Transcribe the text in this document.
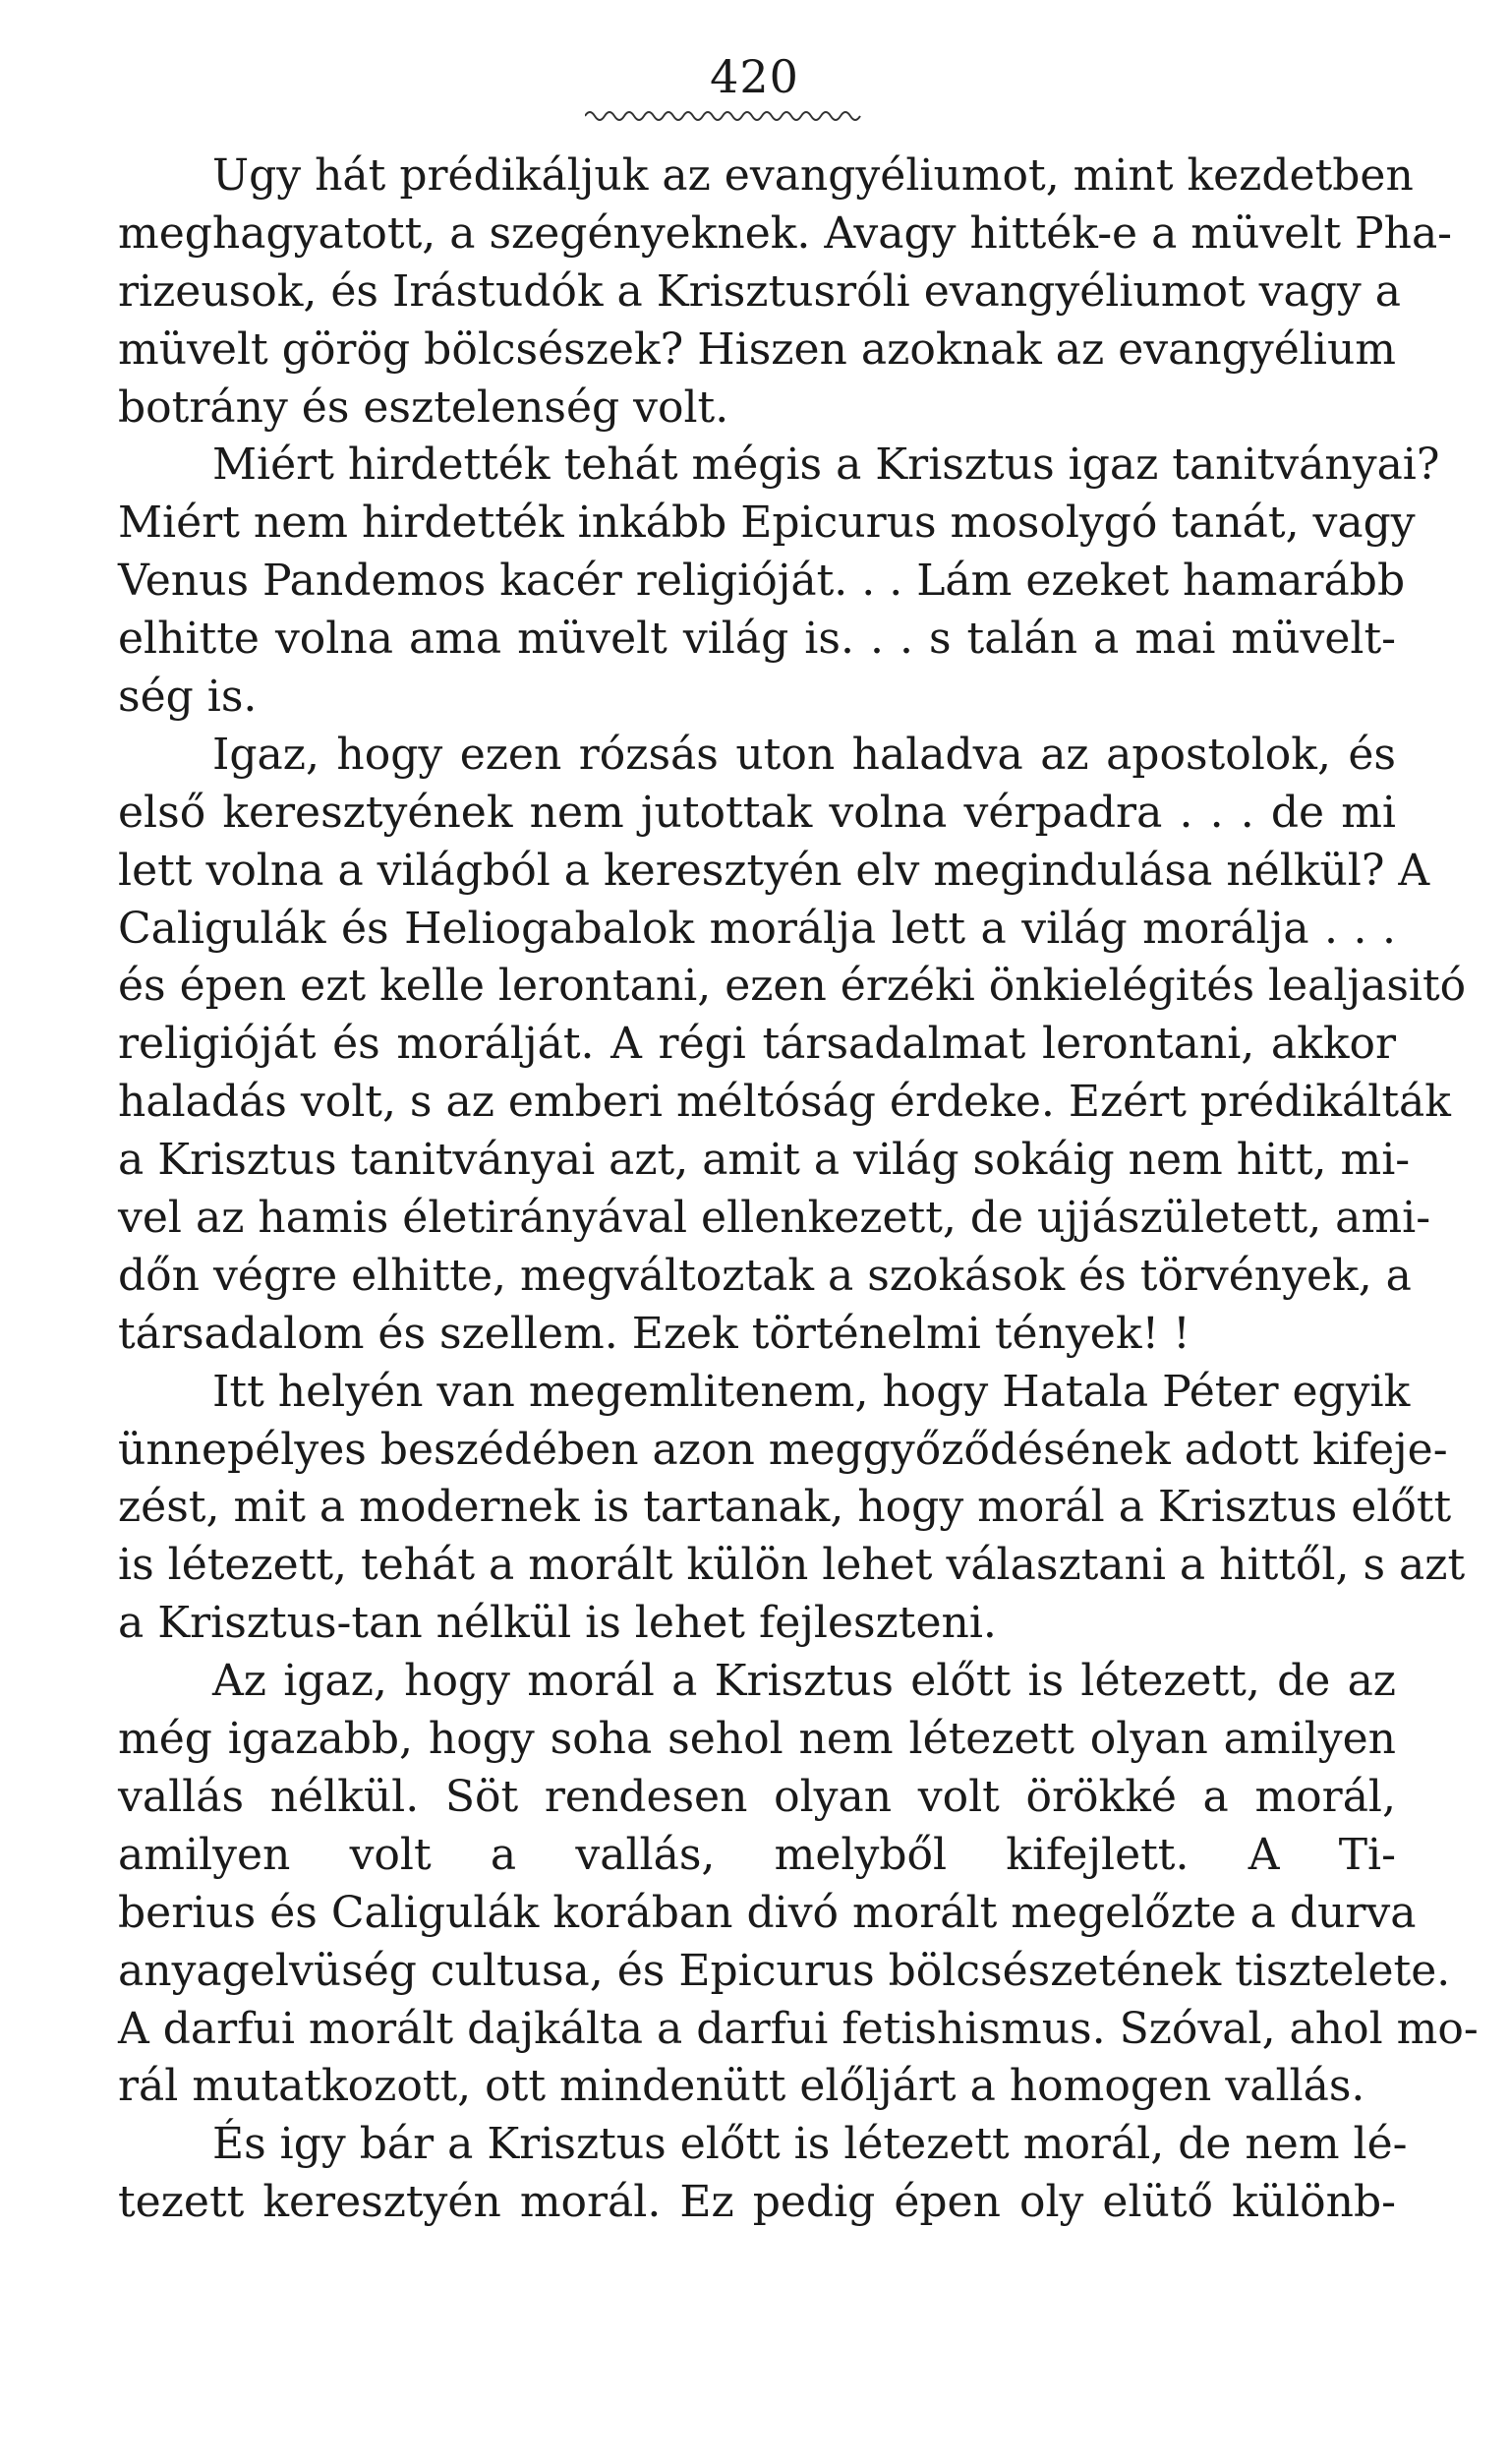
420
Ugy hát prédikáljuk az evangyéliumot, mint kezdetben
meghagyatott, a szegényeknek. Avagy hitték-e a müvelt Pha-
rizeusok, és Irástudók a Krisztusróli evangyéliumot vagy a
müvelt görög bölcsészek? Hiszen azoknak az evangyélium
botrány és esztelenség volt.
Miért hirdették tehát mégis a Krisztus igaz tanitványai?
Miért nem hirdették inkább Epicurus mosolygó tanát, vagy
Venus Pandemos kacér religióját. . . Lám ezeket hamarább
elhitte volna ama müvelt világ is. . . s talán a mai müvelt-
ség is.
Igaz, hogy ezen rózsás uton haladva az apostolok, és
első keresztyének nem jutottak volna vérpadra . . . de mi
lett volna a világból a keresztyén elv megindulása nélkül? A
Caligulák és Heliogabalok morálja lett a világ morálja . . .
és épen ezt kelle lerontani, ezen érzéki önkielégités lealjasitó
religióját és morálját. A régi társadalmat lerontani, akkor
haladás volt, s az emberi méltóság érdeke. Ezért prédikálták
a Krisztus tanitványai azt, amit a világ sokáig nem hitt, mi-
vel az hamis életirányával ellenkezett, de ujjászületett, ami-
dőn végre elhitte, megváltoztak a szokások és törvények, a
társadalom és szellem. Ezek történelmi tények! !
Itt helyén van megemlitenem, hogy Hatala Péter egyik
ünnepélyes beszédében azon meggyőződésének adott kifeje-
zést, mit a modernek is tartanak, hogy morál a Krisztus előtt
is létezett, tehát a morált külön lehet választani a hittől, s azt
a Krisztus-tan nélkül is lehet fejleszteni.
Az igaz, hogy morál a Krisztus előtt is létezett, de az
még igazabb, hogy soha sehol nem létezett olyan amilyen
vallás nélkül. Söt rendesen olyan volt örökké a morál,
amilyen volt a vallás, melyből kifejlett. A Ti-
berius és Caligulák korában divó morált megelőzte a durva
anyagelvüség cultusa, és Epicurus bölcsészetének tisztelete.
A darfui morált dajkálta a darfui fetishismus. Szóval, ahol mo-
rál mutatkozott, ott mindenütt előljárt a homogen vallás.
És igy bár a Krisztus előtt is létezett morál, de nem lé-
tezett keresztyén morál. Ez pedig épen oly elütő különb-
